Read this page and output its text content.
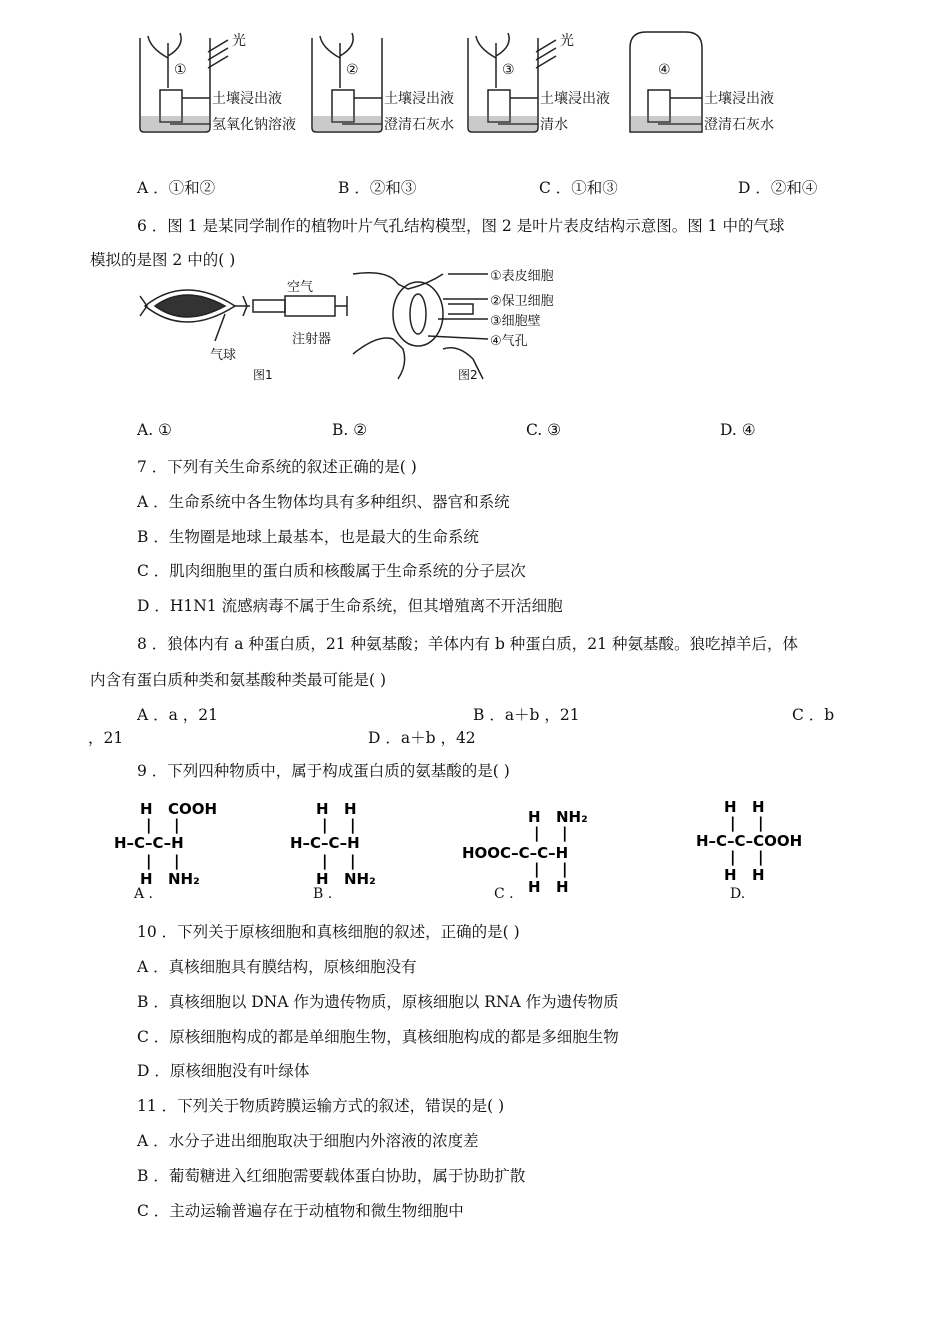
①
光
土壤浸出液
氢氧化钠溶液
②
土壤浸出液
澄清石灰水
③
光
土壤浸出液
清水
④
土壤浸出液
澄清石灰水
A ．①和②	B ．②和③	C ．①和③	D ．②和④
6 ．图 1 是某同学制作的植物叶片气孔结构模型，图 2 是叶片表皮结构示意图。图 1 中的气球
模拟的是图 2 中的( )
空气
注射器
气球
图1
①表皮细胞
②保卫细胞
③细胞壁
④气孔
图2
A. ①	B. ②	C. ③	D. ④
7 ．下列有关生命系统的叙述正确的是( )
A ．生命系统中各生物体均具有多种组织、器官和系统
B ．生物圈是地球上最基本，也是最大的生命系统
C ．肌肉细胞里的蛋白质和核酸属于生命系统的分子层次
D ．H1N1 流感病毒不属于生命系统，但其增殖离不开活细胞
8 ．狼体内有 a 种蛋白质，21 种氨基酸；羊体内有 b 种蛋白质，21 种氨基酸。狼吃掉羊后，体
内含有蛋白质种类和氨基酸种类最可能是( )
A ．a ，21	B ．a＋b ，21	C ．b
，21	D ．a＋b ，42
9 ．下列四种物质中，属于构成蛋白质的氨基酸的是( )
H COOH
| |
H–C–C–H
| |
H NH₂
H H
| |
H–C–C–H
| |
H NH₂
H NH₂
| |
HOOC–C–C–H
| |
H H
H H
| |
H–C–C–COOH
| |
H H
A .	B .	C .	D.
10 ．下列关于原核细胞和真核细胞的叙述，正确的是( )
A ．真核细胞具有膜结构，原核细胞没有
B ．真核细胞以 DNA 作为遗传物质，原核细胞以 RNA 作为遗传物质
C ．原核细胞构成的都是单细胞生物，真核细胞构成的都是多细胞生物
D ．原核细胞没有叶绿体
11 ．下列关于物质跨膜运输方式的叙述，错误的是( )
A ．水分子进出细胞取决于细胞内外溶液的浓度差
B ．葡萄糖进入红细胞需要载体蛋白协助，属于协助扩散
C ．主动运输普遍存在于动植物和微生物细胞中
